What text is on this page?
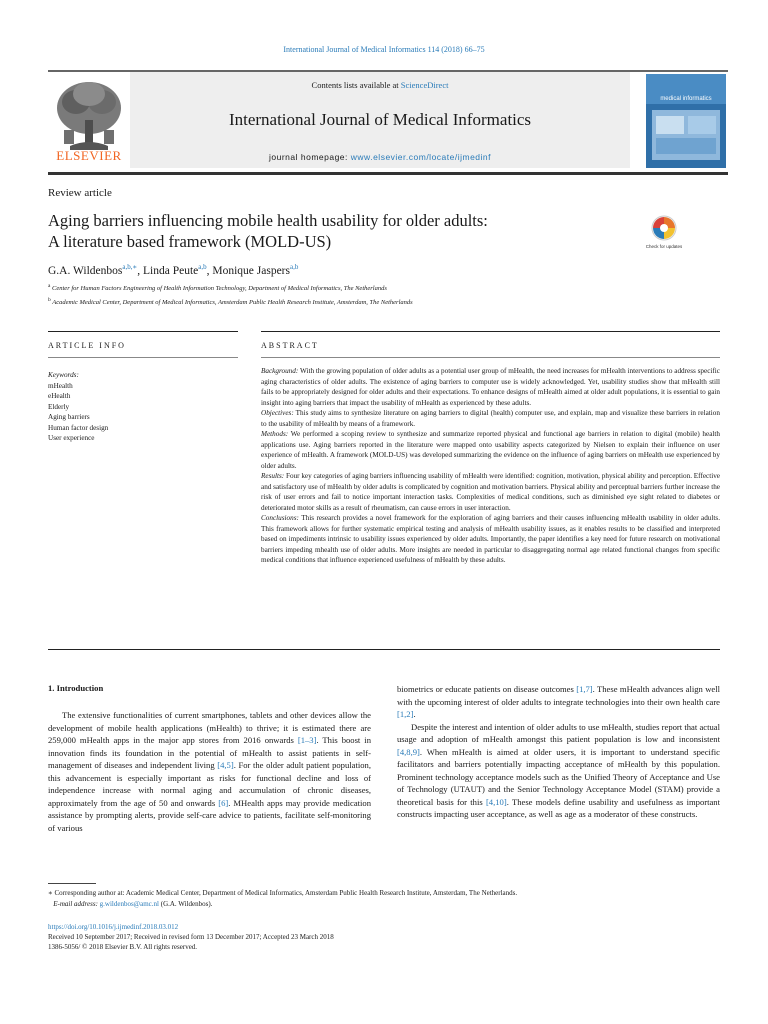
International Journal of Medical Informatics 114 (2018) 66–75
Contents lists available at ScienceDirect
International Journal of Medical Informatics
journal homepage: www.elsevier.com/locate/ijmedinf
ELSEVIER
medical informatics
Review article
Aging barriers influencing mobile health usability for older adults:
A literature based framework (MOLD-US)	Check for updates
G.A. Wildenbos$^{a,b,∗}$, Linda Peute$^{a,b}$, Monique Jaspers$^{a,b}$
$^a$ Center for Human Factors Engineering of Health Information Technology, Department of Medical Informatics, The Netherlands
$^b$ Academic Medical Center, Department of Medical Informatics, Amsterdam Public Health Research Institute, Amsterdam, The Netherlands
ARTICLE INFO	ABSTRACT
Keywords:
mHealth
eHealth
Elderly
Aging barriers
Human factor design
User experience

Background: With the growing population of older adults as a potential user group of mHealth, the need increases for mHealth interventions to address specific aging characteristics of older adults. The existence of aging barriers to computer use is widely acknowledged. Yet, usability studies show that mHealth still fails to be appropriately designed for older adults and their expectations. To enhance designs of mHealth aimed at older adult populations, it is essential to gain insight into aging barriers that impact the usability of mHealth as experienced by these adults.

Objectives: This study aims to synthesize literature on aging barriers to digital (health) computer use, and explain, map and visualize these barriers in relation to the usability of mHealth by means of a framework.

Methods: We performed a scoping review to synthesize and summarize reported physical and functional age barriers in relation to digital (mobile) health applications use. Aging barriers reported in the literature were mapped onto usability aspects categorized by Nielsen to explain their influence on user experience of mHealth. A framework (MOLD-US) was developed summarizing the evidence on the influence of aging barriers on mHealth use experienced by older adults.

Results: Four key categories of aging barriers influencing usability of mHealth were identified: cognition, motivation, physical ability and perception. Effective and satisfactory use of mHealth by older adults is complicated by cognition and motivation barriers. Physical ability and perceptual barriers further increase the risk of user errors and fail to notice important interaction tasks. Complexities of medical conditions, such as diminished eye sight related to diabetes or deteriorated motor skills as a result of rheumatism, can cause errors in user interaction.

Conclusions: This research provides a novel framework for the exploration of aging barriers and their causes influencing mHealth usability in older adults. This framework allows for further systematic empirical testing and analysis of mHealth usability issues, as it enables results to be classified and interpreted based on impediments intrinsic to usability issues experienced by older adults. Importantly, the paper identifies a key need for future research on motivational barriers impeding mhealth use of older adults. More insights are needed in particular to disaggregating normal age related functional changes from specific medical conditions that influence experienced usefulness of mHealth by these adults.

1. Introduction

The extensive functionalities of current smartphones, tablets and other devices allow the development of mobile health applications (mHealth) to thrive; it is estimated there are 259,000 mHealth apps in the major app stores from 2016 onwards [1–3]. This boost in innovation finds its foundation in the potential of mHealth to assist patients in self-management of diseases and independent living [4,5]. For the older adult patient population, this advancement is especially important as risks for functional decline and loss of independence increase with normal aging and accumulation of chronic diseases, approximately from the age of 50 and onwards [6]. MHealth apps may provide medication assistance by prompting alerts, provide self-care advice to patients, facilitate self-monitoring of various

biometrics or educate patients on disease outcomes [1,7]. These mHealth advances align well with the upcoming interest of older adults to integrate technologies into their own health care [1,2].

Despite the interest and intention of older adults to use mHealth, studies report that actual usage and adoption of mHealth amongst this patient population is low and inconsistent [4,8,9]. When mHealth is aimed at older users, it is important to understand specific facilitators and barriers potentially impacting acceptance of mHealth by this population. Prominent technology acceptance models such as the Unified Theory of Acceptance and Use of Technology (UTAUT) and the Senior Technology Acceptance Model (STAM) provide a theoretical basis for this [4,10]. These models define usability and usefulness as important constructs impacting user acceptance, as well as age as a moderator of these constructs.

∗ Corresponding author at: Academic Medical Center, Department of Medical Informatics, Amsterdam Public Health Research Institute, Amsterdam, The Netherlands.

E-mail address: g.wildenbos@amc.nl (G.A. Wildenbos).

https://doi.org/10.1016/j.ijmedinf.2018.03.012
Received 10 September 2017; Received in revised form 13 December 2017; Accepted 23 March 2018
1386-5056/ © 2018 Elsevier B.V. All rights reserved.
